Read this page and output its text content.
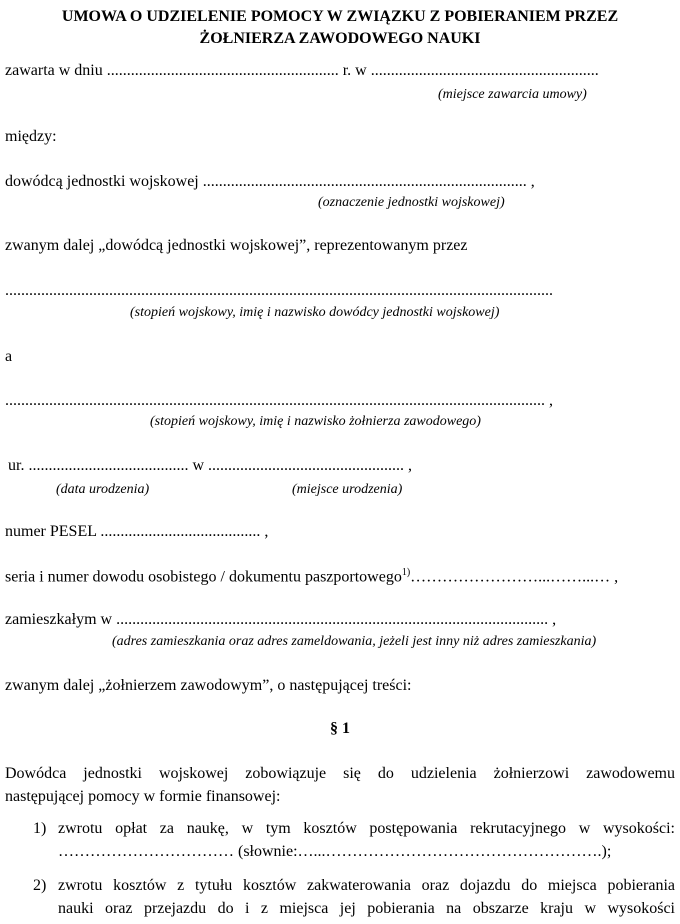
UMOWA O UDZIELENIE POMOCY W ZWIĄZKU Z POBIERANIEM PRZEZ
ŻOŁNIERZA ZAWODOWEGO NAUKI
zawarta w dniu .......................................................... r. w .........................................................
(miejsce zawarcia umowy)
między:
dowódcą jednostki wojskowej ................................................................................. ,
(oznaczenie jednostki wojskowej)
zwanym dalej „dowódcą jednostki wojskowej”, reprezentowanym przez
.........................................................................................................................................
(stopień wojskowy, imię i nazwisko dowódcy jednostki wojskowej)
a
....................................................................................................................................... ,
(stopień wojskowy, imię i nazwisko żołnierza zawodowego)
ur. ........................................ w ................................................. ,
(data urodzenia)	(miejsce urodzenia)
numer PESEL ........................................ ,
seria i numer dowodu osobistego / dokumentu paszportowego$^{1)}$……………………...……...… ,
zamieszkałym w ............................................................................................................ ,
(adres zamieszkania oraz adres zameldowania, jeżeli jest inny niż adres zamieszkania)
zwanym dalej „żołnierzem zawodowym”, o następującej treści:
§ 1
Dowódca jednostki wojskowej zobowiązuje się do udzielenia żołnierzowi zawodowemu
następującej pomocy w formie finansowej:
1) zwrotu opłat za naukę, w tym kosztów postępowania rekrutacyjnego w wysokości:
…………………………… (słownie:…...…………………………………………….);
2) zwrotu kosztów z tytułu kosztów zakwaterowania oraz dojazdu do miejsca pobierania
nauki oraz przejazdu do i z miejsca jej pobierania na obszarze kraju w wysokości
